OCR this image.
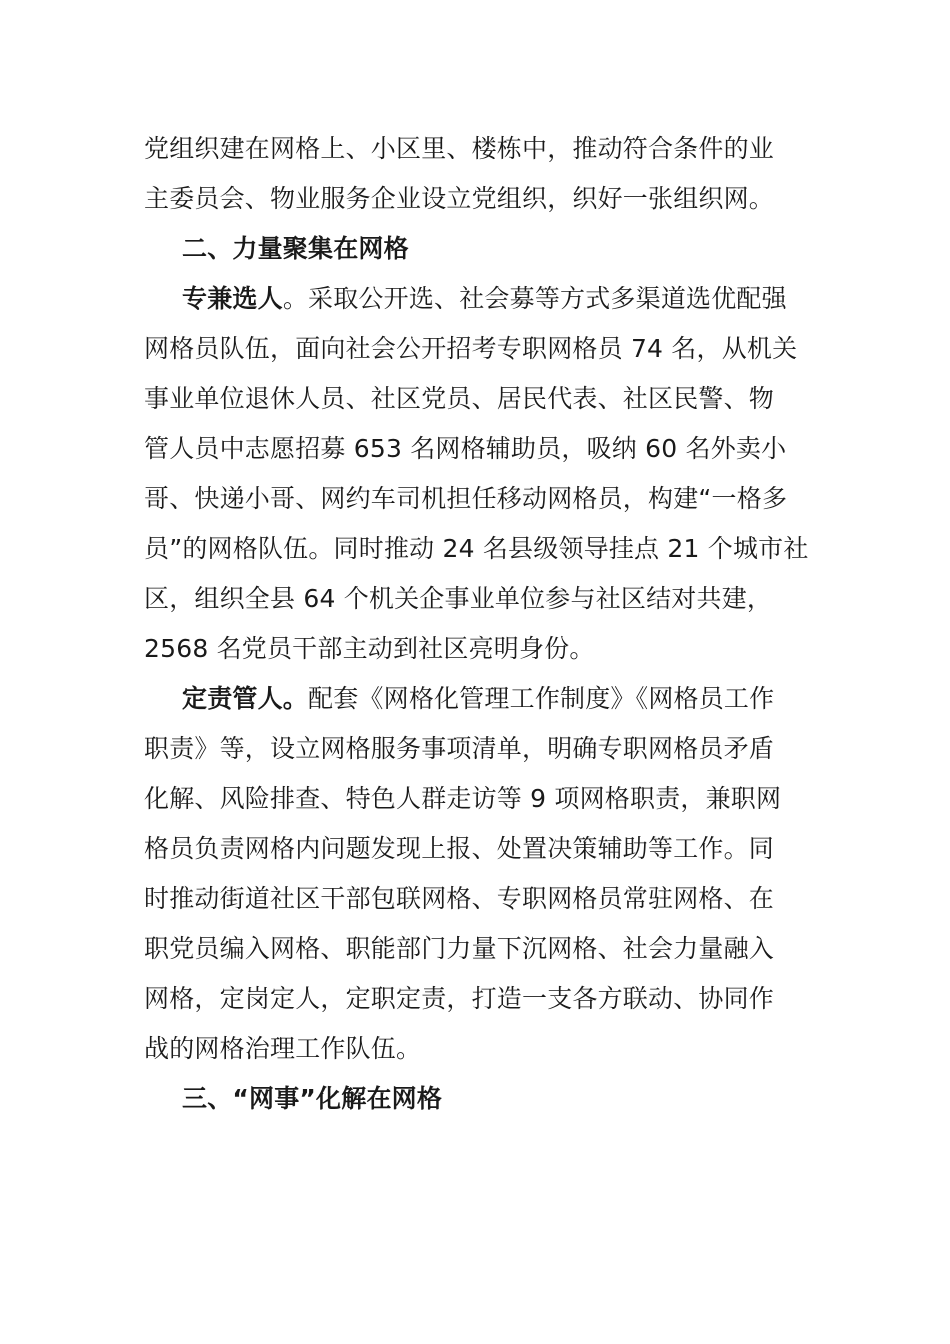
党组织建在网格上、小区里、楼栋中，推动符合条件的业
主委员会、物业服务企业设立党组织，织好一张组织网。
二、力量聚集在网格
专兼选人。采取公开选、社会募等方式多渠道选优配强
网格员队伍，面向社会公开招考专职网格员 74 名，从机关
事业单位退休人员、社区党员、居民代表、社区民警、物
管人员中志愿招募 653 名网格辅助员，吸纳 60 名外卖小
哥、快递小哥、网约车司机担任移动网格员，构建“一格多
员”的网格队伍。同时推动 24 名县级领导挂点 21 个城市社
区，组织全县 64 个机关企事业单位参与社区结对共建，
2568 名党员干部主动到社区亮明身份。
定责管人。配套《网格化管理工作制度》《网格员工作
职责》等，设立网格服务事项清单，明确专职网格员矛盾
化解、风险排查、特色人群走访等 9 项网格职责，兼职网
格员负责网格内问题发现上报、处置决策辅助等工作。同
时推动街道社区干部包联网格、专职网格员常驻网格、在
职党员编入网格、职能部门力量下沉网格、社会力量融入
网格，定岗定人，定职定责，打造一支各方联动、协同作
战的网格治理工作队伍。
三、“网事”化解在网格
